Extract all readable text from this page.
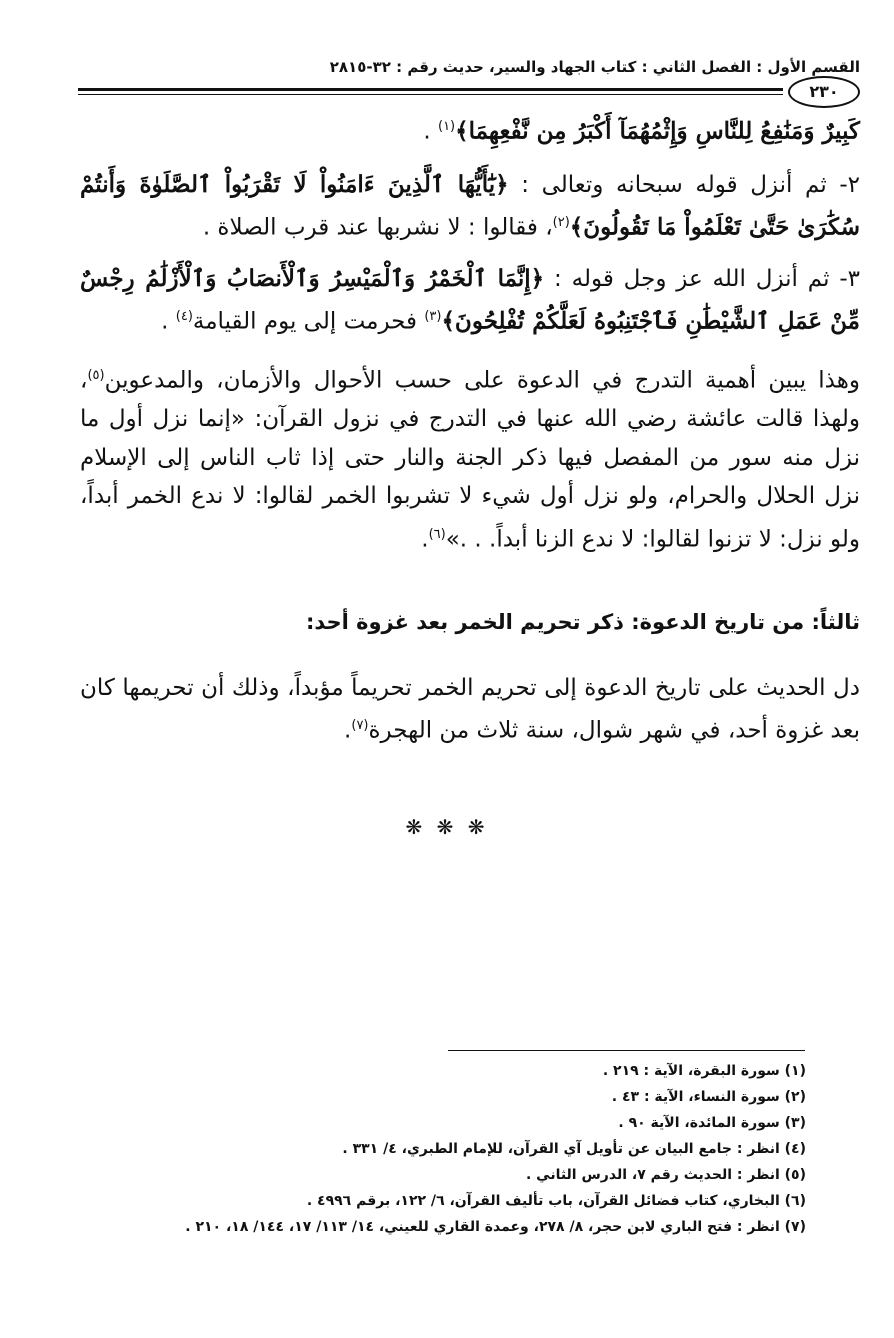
القسم الأول : الفصل الثاني : كتاب الجهاد والسير، حديث رقم : ٣٢-٢٨١٥
٢٣٠
كَبِيرٌ وَمَنَٰفِعُ لِلنَّاسِ وَإِثْمُهُمَآ أَكْبَرُ مِن نَّفْعِهِمَا﴾$^{(١)}$ .
٢- ثم أنزل قوله سبحانه وتعالى : ﴿يَٰٓأَيُّهَا ٱلَّذِينَ ءَامَنُواْ لَا تَقْرَبُواْ ٱلصَّلَوٰةَ وَأَنتُمْ سُكَٰرَىٰ حَتَّىٰ تَعْلَمُواْ مَا تَقُولُونَ﴾$^{(٢)}$، فقالوا : لا نشربها عند قرب الصلاة .
٣- ثم أنزل الله عز وجل قوله : ﴿إِنَّمَا ٱلْخَمْرُ وَٱلْمَيْسِرُ وَٱلْأَنصَابُ وَٱلْأَزْلَٰمُ رِجْسٌ مِّنْ عَمَلِ ٱلشَّيْطَٰنِ فَٱجْتَنِبُوهُ لَعَلَّكُمْ تُفْلِحُونَ﴾$^{(٣)}$ فحرمت إلى يوم القيامة$^{(٤)}$ .
وهذا يبين أهمية التدرج في الدعوة على حسب الأحوال والأزمان، والمدعوين$^{(٥)}$، ولهذا قالت عائشة رضي الله عنها في التدرج في نزول القرآن: «إنما نزل أول ما نزل منه سور من المفصل فيها ذكر الجنة والنار حتى إذا ثاب الناس إلى الإسلام نزل الحلال والحرام، ولو نزل أول شيء لا تشربوا الخمر لقالوا: لا ندع الخمر أبداً، ولو نزل: لا تزنوا لقالوا: لا ندع الزنا أبداً. . .»$^{(٦)}$.
ثالثاً: من تاريخ الدعوة: ذكر تحريم الخمر بعد غزوة أحد:
دل الحديث على تاريخ الدعوة إلى تحريم الخمر تحريماً مؤبداً، وذلك أن تحريمها كان بعد غزوة أحد، في شهر شوال، سنة ثلاث من الهجرة$^{(٧)}$.
❋ ❋ ❋
(١) سورة البقرة، الآية : ٢١٩ .
(٢) سورة النساء، الآية : ٤٣ .
(٣) سورة المائدة، الآية ٩٠ .
(٤) انظر : جامع البيان عن تأويل آي القرآن، للإمام الطبري، ٤/ ٣٣١ .
(٥) انظر : الحديث رقم ٧، الدرس الثاني .
(٦) البخاري، كتاب فضائل القرآن، باب تأليف القرآن، ٦/ ١٢٢، برقم ٤٩٩٦ .
(٧) انظر : فتح الباري لابن حجر، ٨/ ٢٧٨، وعمدة القاري للعيني، ١٤/ ١١٣/ ١٧، ١٤٤/ ١٨، ٢١٠ .
